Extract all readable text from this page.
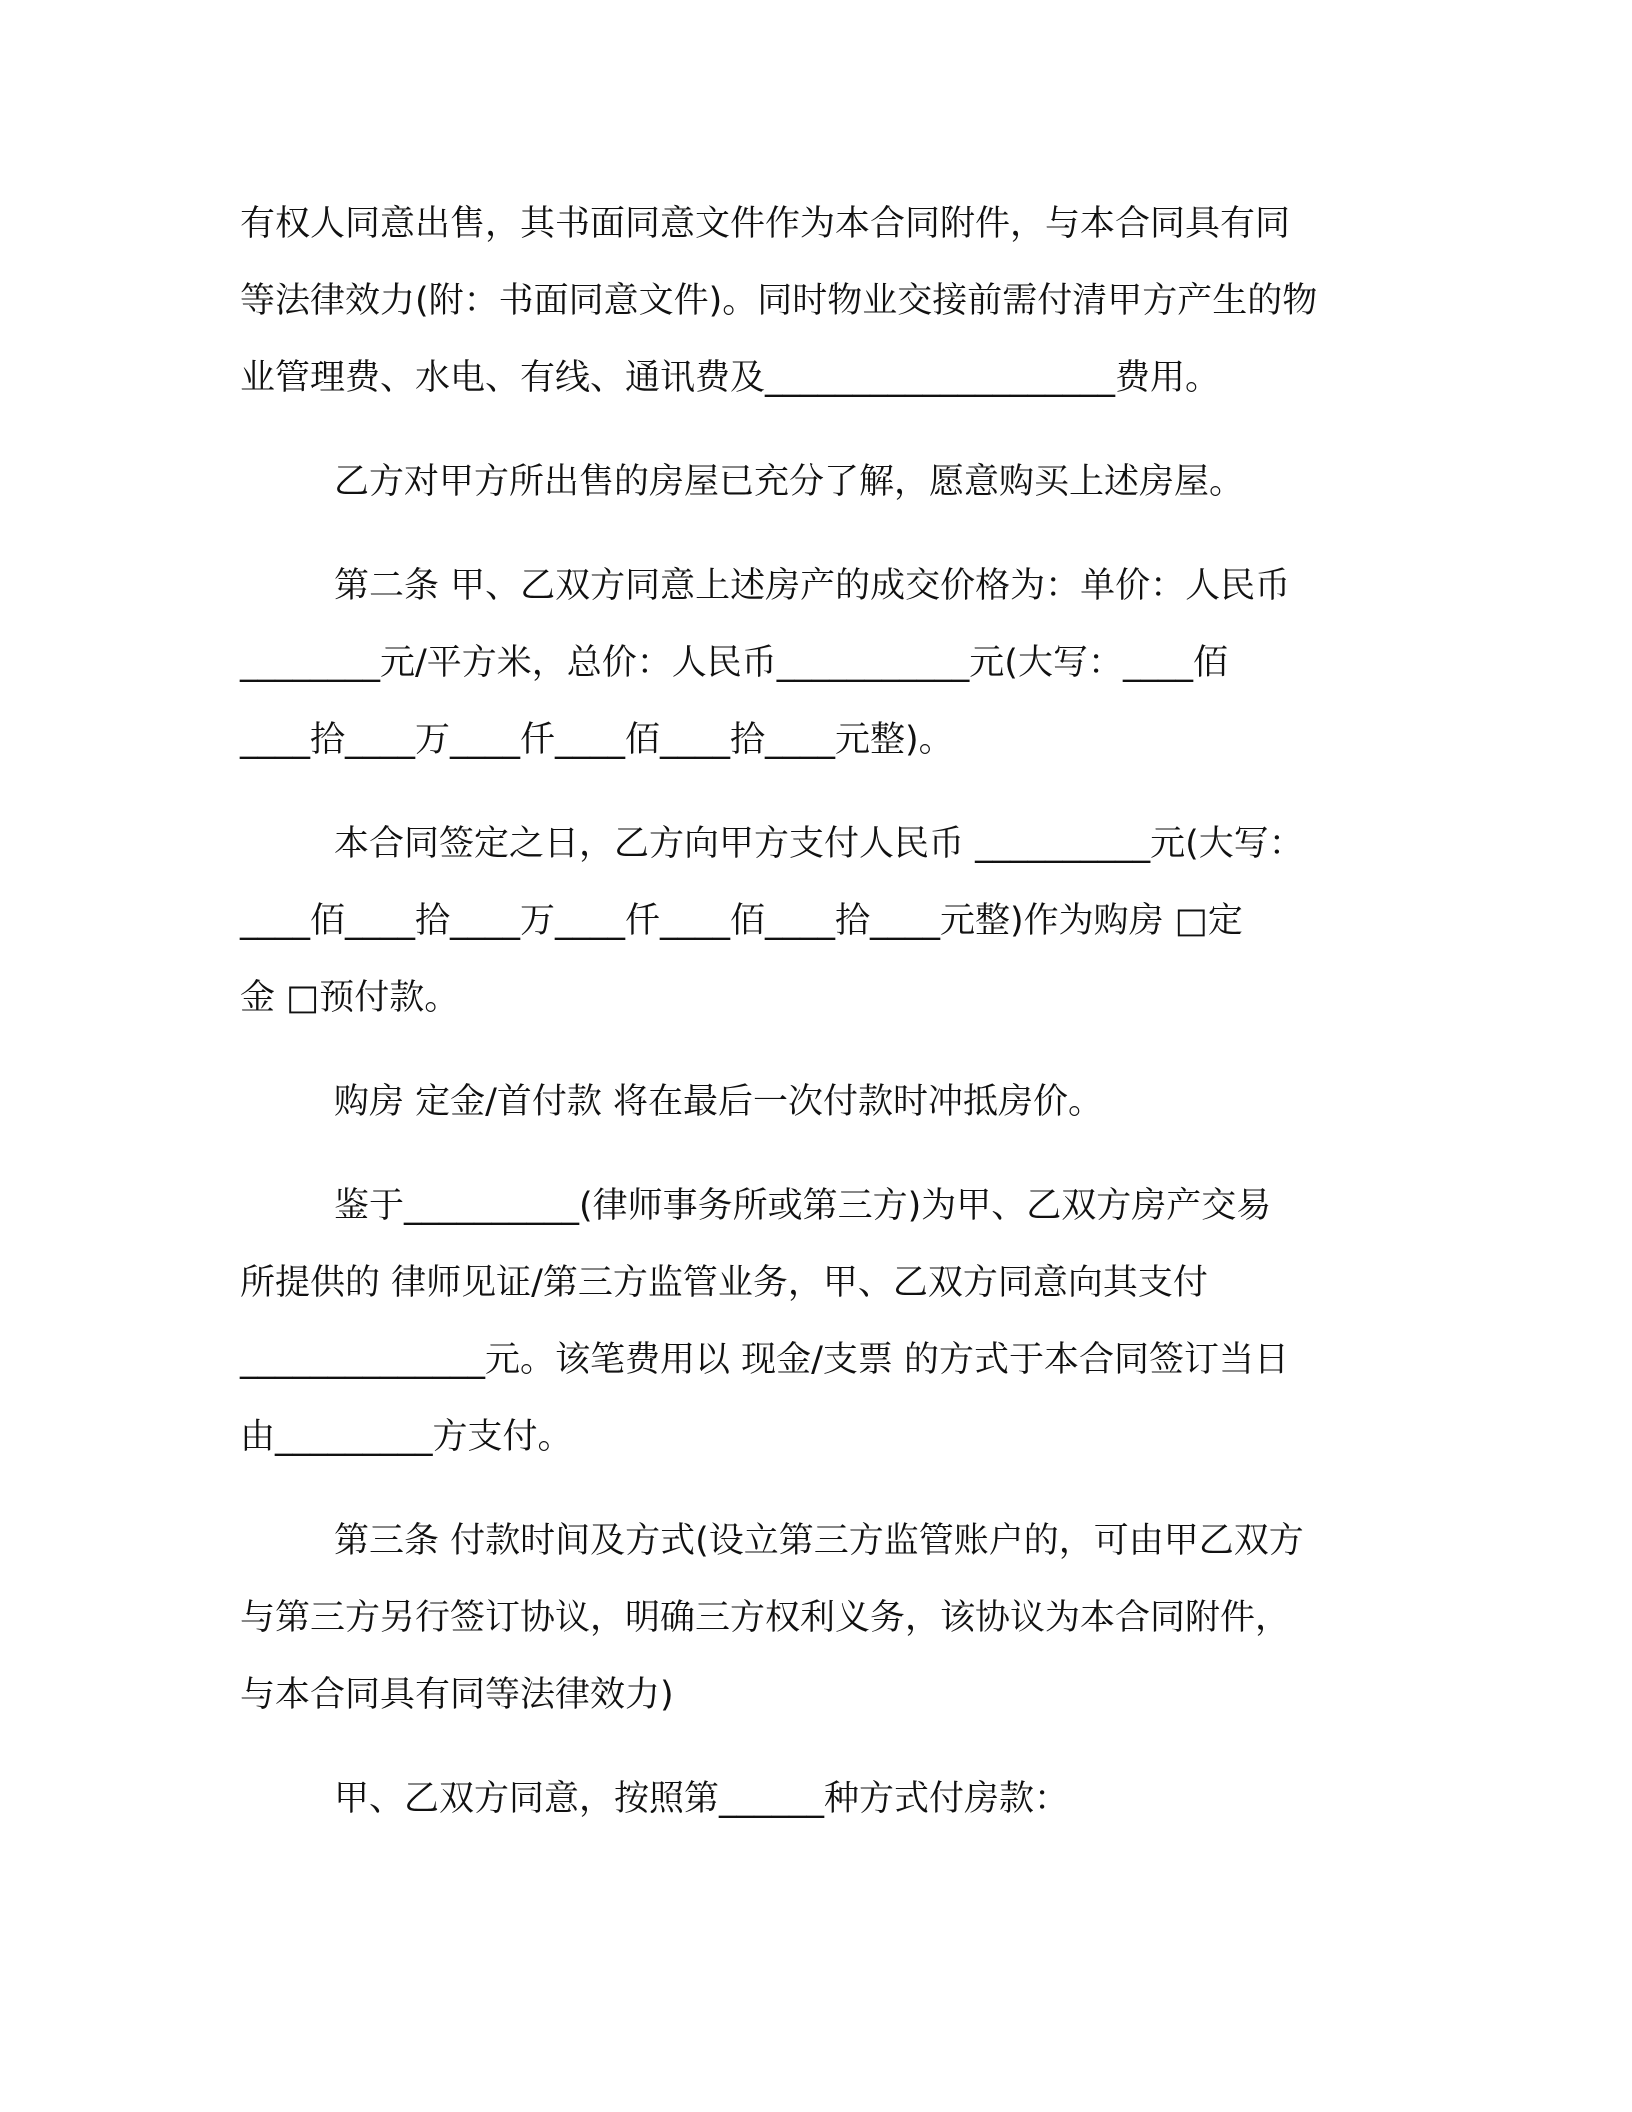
有权人同意出售，其书面同意文件作为本合同附件，与本合同具有同
等法律效力(附：书面同意文件)。同时物业交接前需付清甲方产生的物
业管理费、水电、有线、通讯费及____________________费用。
乙方对甲方所出售的房屋已充分了解，愿意购买上述房屋。
第二条 甲、乙双方同意上述房产的成交价格为：单价：人民币
________元/平方米，总价：人民币___________元(大写：____佰
____拾____万____仟____佰____拾____元整)。
本合同签定之日，乙方向甲方支付人民币 __________元(大写：
____佰____拾____万____仟____佰____拾____元整)作为购房 □定
金 □预付款。
购房 定金/首付款 将在最后一次付款时冲抵房价。
鉴于__________(律师事务所或第三方)为甲、乙双方房产交易
所提供的 律师见证/第三方监管业务，甲、乙双方同意向其支付
______________元。该笔费用以 现金/支票 的方式于本合同签订当日
由_________方支付。
第三条 付款时间及方式(设立第三方监管账户的，可由甲乙双方
与第三方另行签订协议，明确三方权利义务，该协议为本合同附件，
与本合同具有同等法律效力)
甲、乙双方同意，按照第______种方式付房款：
